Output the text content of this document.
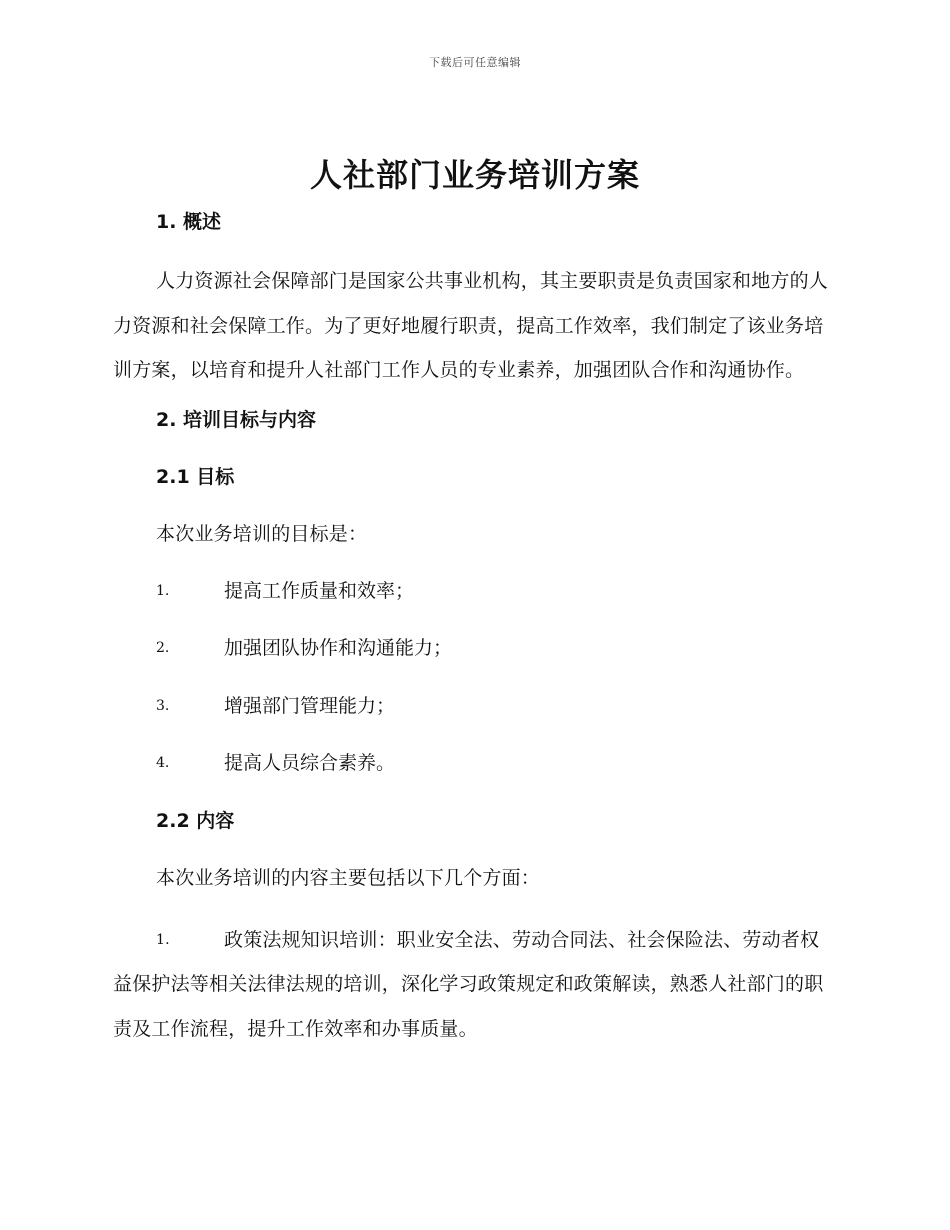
下载后可任意编辑
人社部门业务培训方案
1. 概述
人力资源社会保障部门是国家公共事业机构，其主要职责是负责国家和地方的人力资源和社会保障工作。为了更好地履行职责，提高工作效率，我们制定了该业务培训方案，以培育和提升人社部门工作人员的专业素养，加强团队合作和沟通协作。
2. 培训目标与内容
2.1 目标
本次业务培训的目标是：
1.	提高工作质量和效率；
2.	加强团队协作和沟通能力；
3.	增强部门管理能力；
4.	提高人员综合素养。
2.2 内容
本次业务培训的内容主要包括以下几个方面：
1.	政策法规知识培训：职业安全法、劳动合同法、社会保险法、劳动者权益保护法等相关法律法规的培训，深化学习政策规定和政策解读，熟悉人社部门的职责及工作流程，提升工作效率和办事质量。
